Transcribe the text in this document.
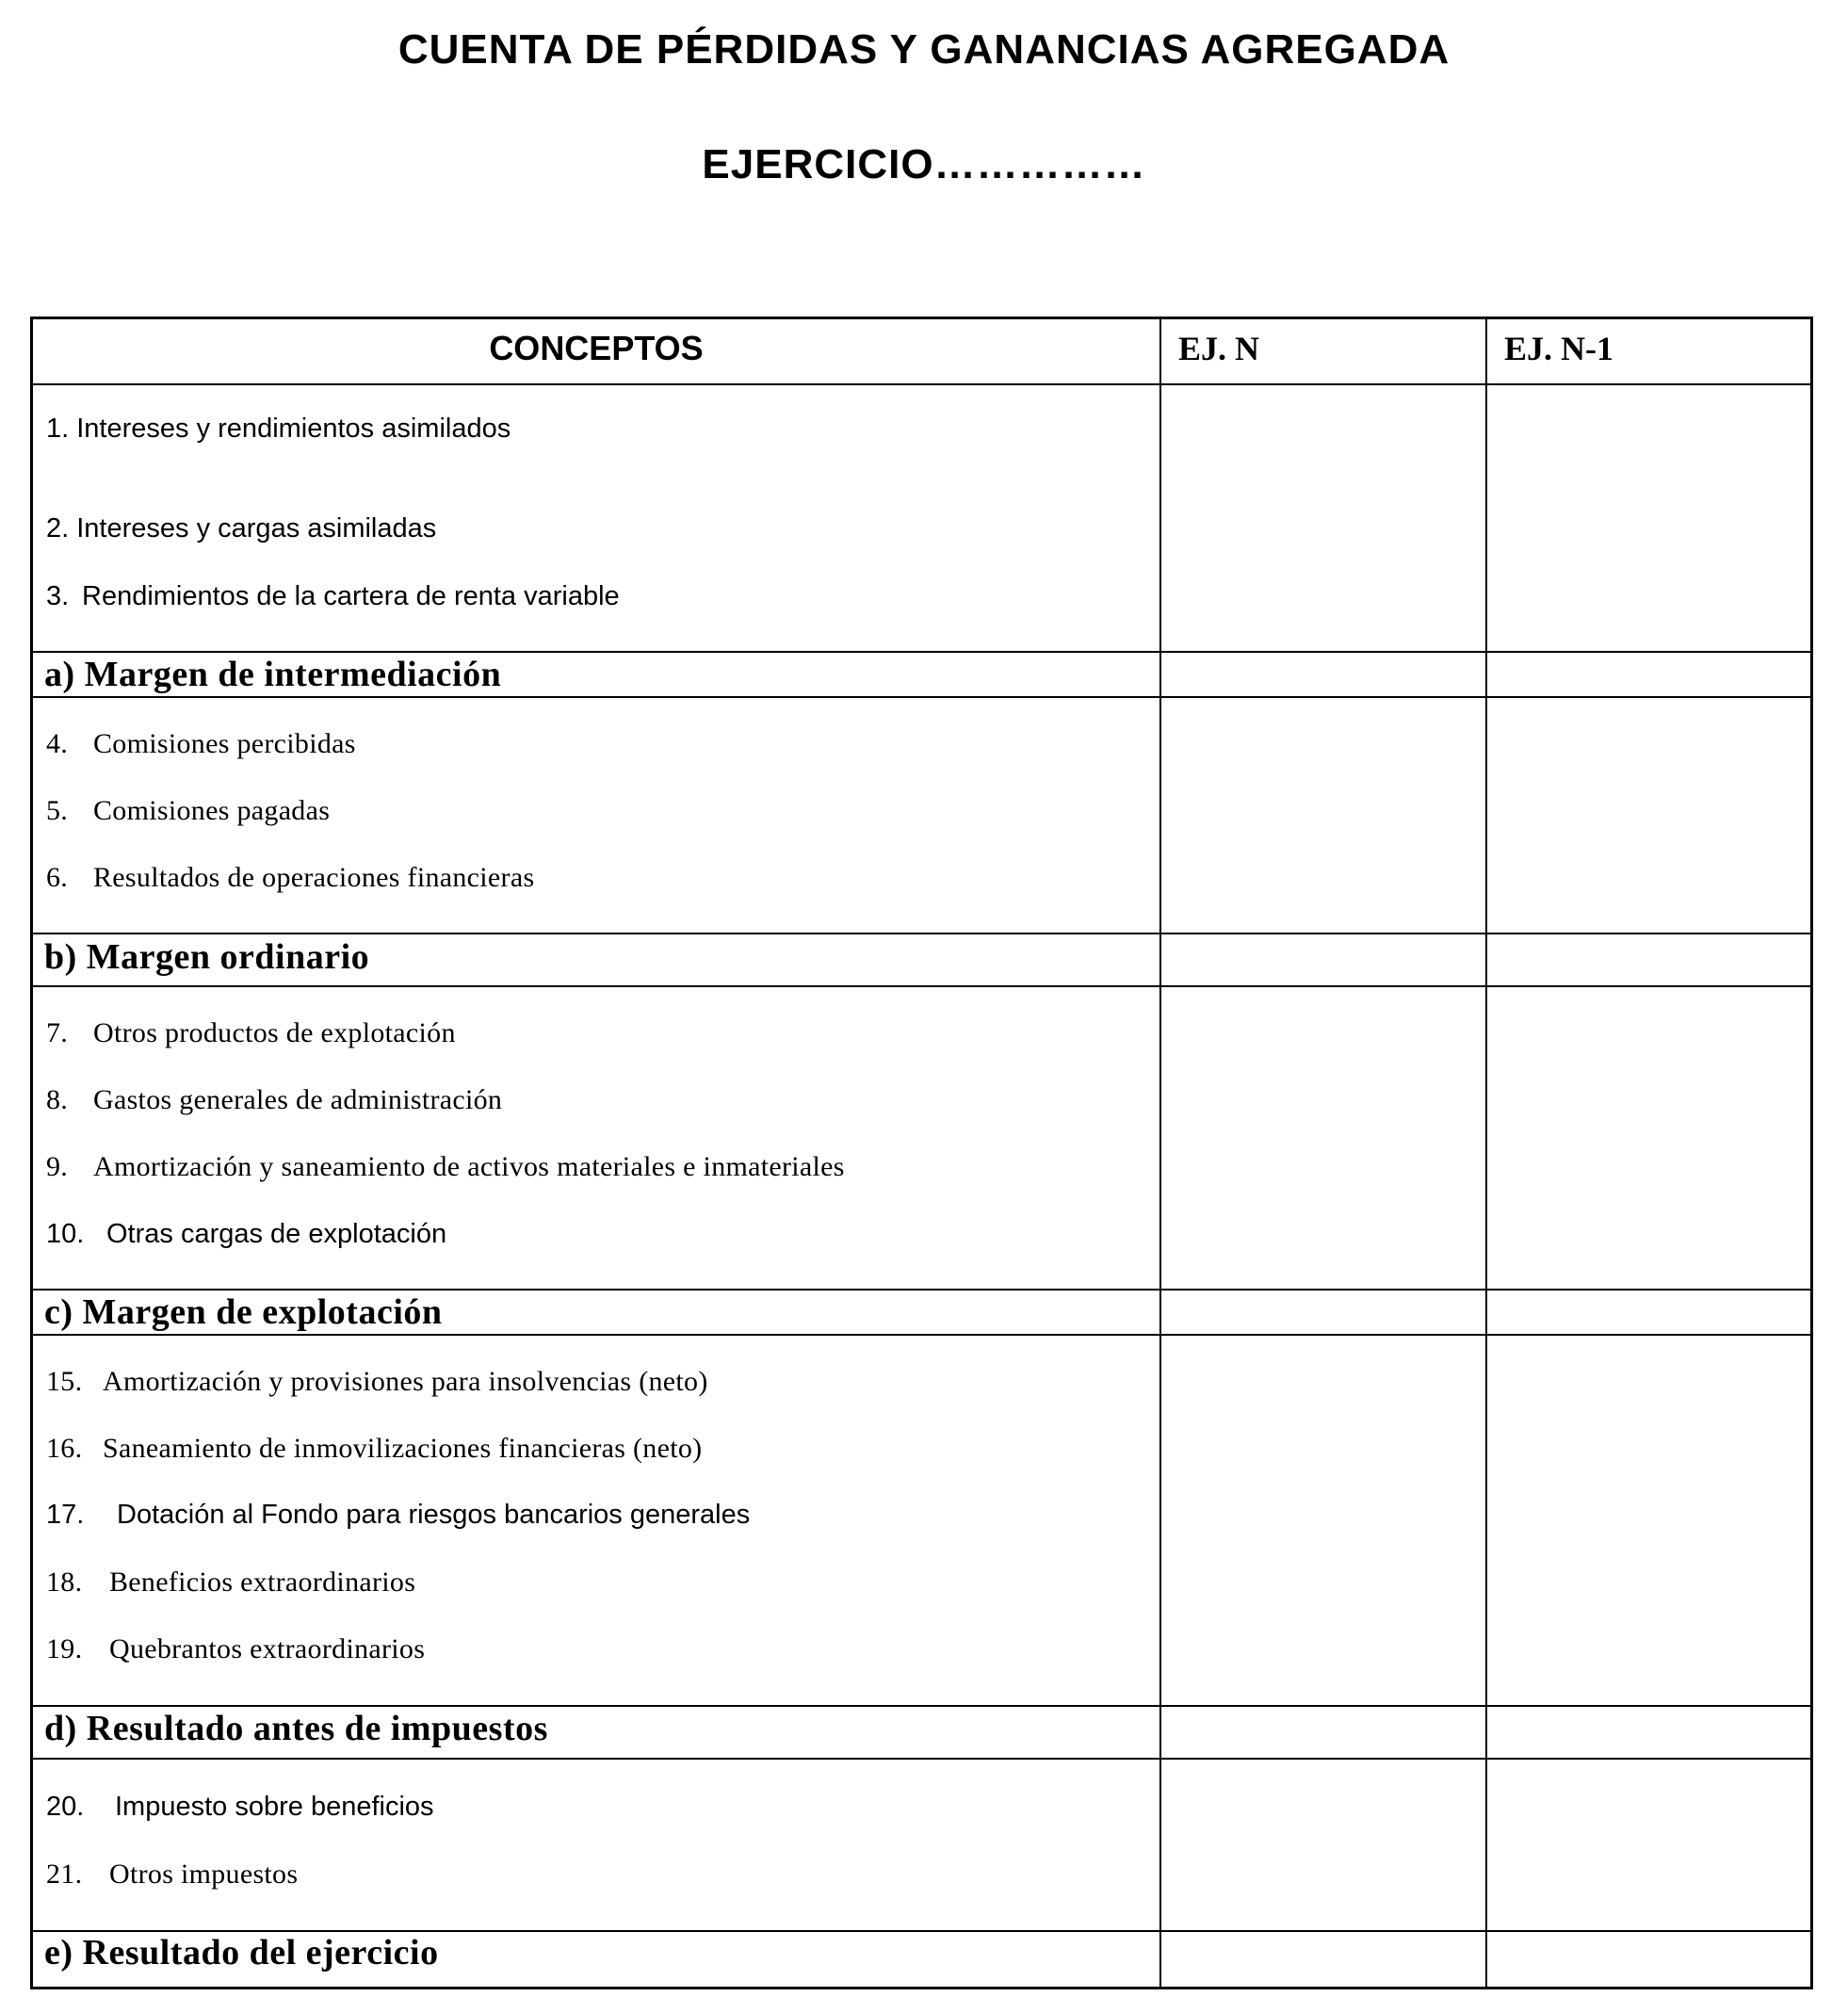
CUENTA DE PÉRDIDAS Y GANANCIAS AGREGADA
EJERCICIO……………
CONCEPTOS	EJ. N	EJ. N-1
1. Intereses y rendimientos asimilados
2. Intereses y cargas asimiladas
3. Rendimientos de la cartera de renta variable
a) Margen de intermediación
4. Comisiones percibidas
5. Comisiones pagadas
6. Resultados de operaciones financieras
b) Margen ordinario
7. Otros productos de explotación
8. Gastos generales de administración
9. Amortización y saneamiento de activos materiales e inmateriales
10. Otras cargas de explotación
c) Margen de explotación
15. Amortización y provisiones para insolvencias (neto)
16. Saneamiento de inmovilizaciones financieras (neto)
17. Dotación al Fondo para riesgos bancarios generales
18. Beneficios extraordinarios
19. Quebrantos extraordinarios
d) Resultado antes de impuestos
20. Impuesto sobre beneficios
21. Otros impuestos
e) Resultado del ejercicio
